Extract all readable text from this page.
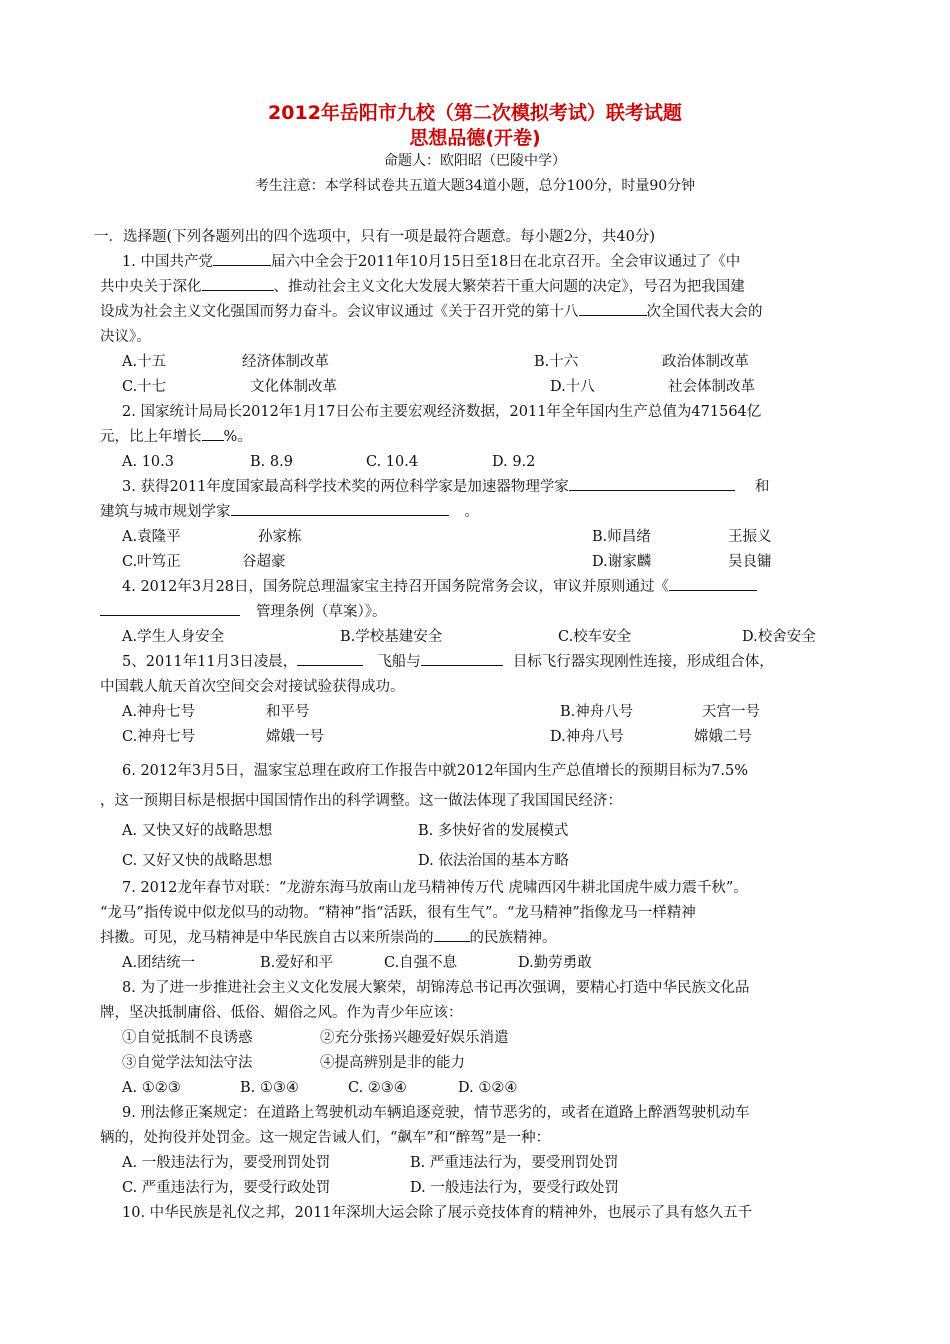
2012年岳阳市九校（第二次模拟考试）联考试题
思想品德(开卷)
命题人：欧阳昭（巴陵中学）
考生注意：本学科试卷共五道大题34道小题，总分100分，时量90分钟
一．选择题(下列各题列出的四个选项中，只有一项是最符合题意。每小题2分，共40分)
1. 中国共产党	届六中全会于2011年10月15日至18日在北京召开。全会审议通过了《中
共中央关于深化	、推动社会主义文化大发展大繁荣若干重大问题的决定》，号召为把我国建
设成为社会主义文化强国而努力奋斗。会议审议通过《关于召开党的第十八	次全国代表大会的
决议》。
A.十五	经济体制改革	B.十六	政治体制改革
C.十七	文化体制改革	D.十八	社会体制改革
2. 国家统计局局长2012年1月17日公布主要宏观经济数据，2011年全年国内生产总值为471564亿
元，比上年增长 %。
A. 10.3	B. 8.9	C. 10.4	D. 9.2
3. 获得2011年度国家最高科学技术奖的两位科学家是加速器物理学家	和
建筑与城市规划学家	。
A.袁隆平	孙家栋	B.师昌绪	王振义
C.叶笃正	谷超豪	D.谢家麟	吴良镛
4. 2012年3月28日，国务院总理温家宝主持召开国务院常务会议，审议并原则通过《
管理条例（草案）》。
A.学生人身安全	B.学校基建安全	C.校车安全	D.校舍安全
5、2011年11月3日凌晨，	飞船与	目标飞行器实现刚性连接，形成组合体，
中国载人航天首次空间交会对接试验获得成功。
A.神舟七号	和平号	B.神舟八号	天宫一号
C.神舟七号	嫦娥一号	D.神舟八号	嫦娥二号
6. 2012年3月5日，温家宝总理在政府工作报告中就2012年国内生产总值增长的预期目标为7.5%
，这一预期目标是根据中国国情作出的科学调整。这一做法体现了我国国民经济：
A. 又快又好的战略思想	B. 多快好省的发展模式
C. 又好又快的战略思想	D. 依法治国的基本方略
7. 2012龙年春节对联：“龙游东海马放南山龙马精神传万代 虎啸西冈牛耕北国虎牛威力震千秋”。
“龙马”指传说中似龙似马的动物。“精神”指“活跃，很有生气”。“龙马精神”指像龙马一样精神
抖擞。可见，龙马精神是中华民族自古以来所崇尚的 的民族精神。
A.团结统一	B.爱好和平	C.自强不息	D.勤劳勇敢
8. 为了进一步推进社会主义文化发展大繁荣，胡锦涛总书记再次强调，要精心打造中华民族文化品
牌，坚决抵制庸俗、低俗、媚俗之风。作为青少年应该：
①自觉抵制不良诱惑	②充分张扬兴趣爱好娱乐消遣
③自觉学法知法守法	④提高辨别是非的能力
A. ①②③	B. ①③④	C. ②③④	D. ①②④
9. 刑法修正案规定：在道路上驾驶机动车辆追逐竞驶，情节恶劣的，或者在道路上醉酒驾驶机动车
辆的，处拘役并处罚金。这一规定告诫人们，“飙车”和“醉驾”是一种：
A. 一般违法行为，要受刑罚处罚	B. 严重违法行为，要受刑罚处罚
C. 严重违法行为，要受行政处罚	D. 一般违法行为，要受行政处罚
10. 中华民族是礼仪之邦，2011年深圳大运会除了展示竞技体育的精神外，也展示了具有悠久五千
